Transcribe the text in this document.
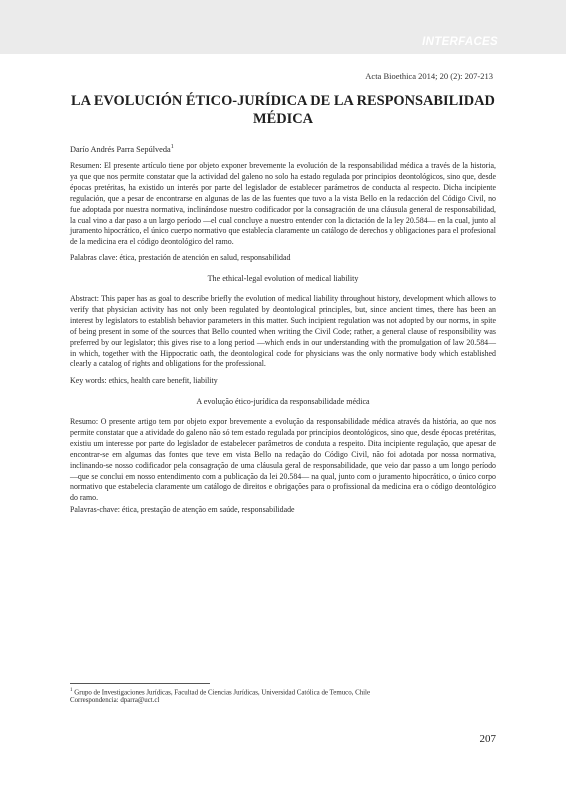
INTERFACES
Acta Bioethica 2014; 20 (2): 207-213
LA EVOLUCIÓN ÉTICO-JURÍDICA DE LA RESPONSABILIDAD MÉDICA
Darío Andrés Parra Sepúlveda$^1$

Resumen: El presente artículo tiene por objeto exponer brevemente la evolución de la responsabilidad médica a través de la historia, ya que que nos permite constatar que la actividad del galeno no solo ha estado regulada por principios deontológicos, sino que, desde épocas pretéritas, ha existido un interés por parte del legislador de establecer parámetros de conducta al respecto. Dicha incipiente regulación, que a pesar de encontrarse en algunas de las de las fuentes que tuvo a la vista Bello en la redacción del Código Civil, no fue adoptada por nuestra normativa, inclinándose nuestro codificador por la consagración de una cláusula general de responsabilidad, la cual vino a dar paso a un largo período —el cual concluye a nuestro entender con la dictación de la ley 20.584— en la cual, junto al juramento hipocrático, el único cuerpo normativo que establecía claramente un catálogo de derechos y obligaciones para el profesional de la medicina era el código deontológico del ramo.

Palabras clave: ética, prestación de atención en salud, responsabilidad

The ethical-legal evolution of medical liability

Abstract: This paper has as goal to describe briefly the evolution of medical liability throughout history, development which allows to verify that physician activity has not only been regulated by deontological principles, but, since ancient times, there has been an interest by legislators to establish behavior parameters in this matter. Such incipient regulation was not adopted by our norms, in spite of being present in some of the sources that Bello counted when writing the Civil Code; rather, a general clause of responsibility was preferred by our legislator; this gives rise to a long period —which ends in our understanding with the promulgation of law 20.584— in which, together with the Hippocratic oath, the deontological code for physicians was the only normative body which established clearly a catalog of rights and obligations for the professional.

Key words: ethics, health care benefit, liability

A evolução ético-jurídica da responsabilidade médica

Resumo: O presente artigo tem por objeto expor brevemente a evolução da responsabilidade médica através da história, ao que nos permite constatar que a atividade do galeno não só tem estado regulada por princípios deontológicos, sino que, desde épocas pretéritas, existiu um interesse por parte do legislador de estabelecer parâmetros de conduta a respeito. Dita incipiente regulação, que apesar de encontrar-se em algumas das fontes que teve em vista Bello na redação do Código Civil, não foi adotada por nossa normativa, inclinando-se nosso codificador pela consagração de uma cláusula geral de responsabilidade, que veio dar passo a um longo período —que se conclui em nosso entendimento com a publicação da lei 20.584— na qual, junto com o juramento hipocrático, o único corpo normativo que estabelecia claramente um catálogo de direitos e obrigações para o profissional da medicina era o código deontológico do ramo.

Palavras-chave: ética, prestação de atenção em saúde, responsabilidade

$^1$ Grupo de Investigaciones Jurídicas, Facultad de Ciencias Jurídicas, Universidad Católica de Temuco, Chile
Correspondencia: dparra@uct.cl
207
